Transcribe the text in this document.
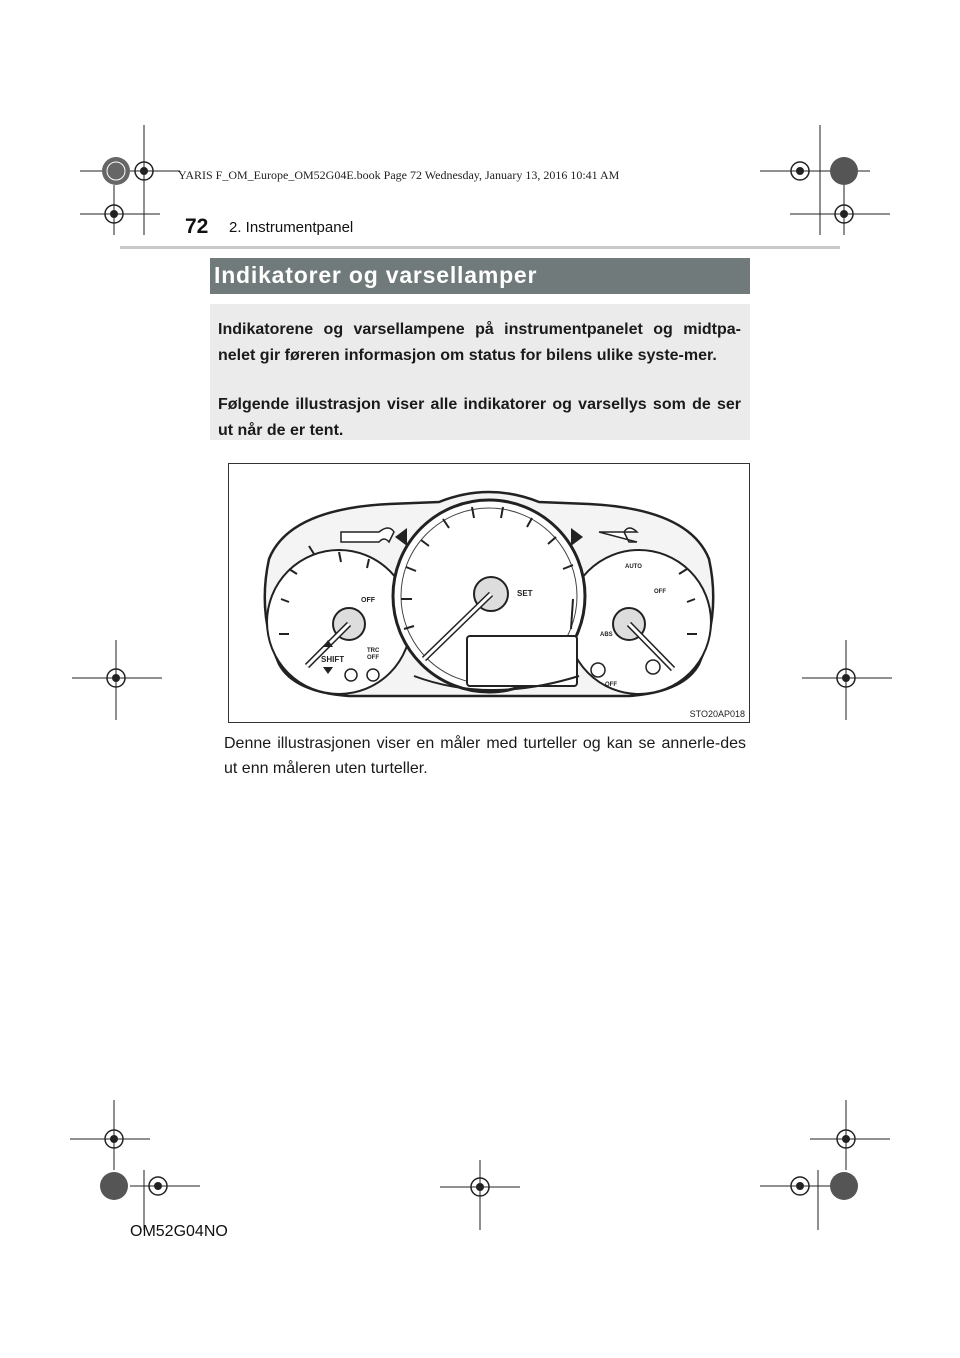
YARIS F_OM_Europe_OM52G04E.book Page 72 Wednesday, January 13, 2016 10:41 AM
72 2. Instrumentpanel
Indikatorer og varsellamper

Indikatorene og varsellampene på instrumentpanelet og midtpa-nelet gir føreren informasjon om status for bilens ulike syste-mer.

Følgende illustrasjon viser alle indikatorer og varsellys som de ser ut når de er tent.

OFF
SHIFT
TRC
OFF
SET
AUTO
OFF
ABS
OFF
STO20AP018

Denne illustrasjonen viser en måler med turteller og kan se annerle-des ut enn måleren uten turteller.

OM52G04NO
